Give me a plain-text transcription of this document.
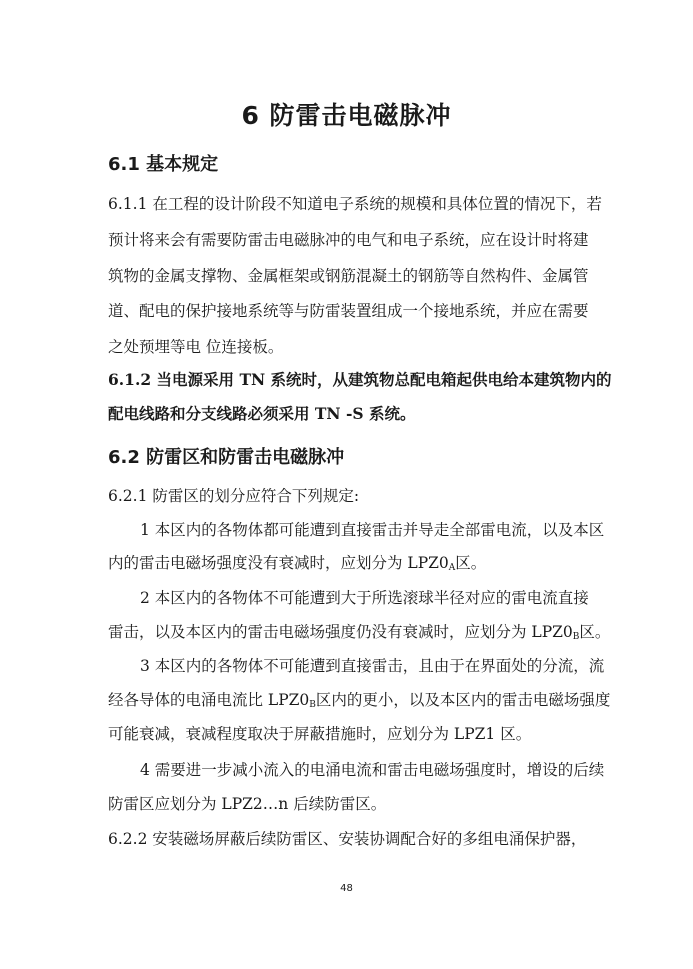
6 防雷击电磁脉冲
6.1 基本规定
6.1.1 在工程的设计阶段不知道电子系统的规模和具体位置的情况下，若
预计将来会有需要防雷击电磁脉冲的电气和电子系统，应在设计时将建
筑物的金属支撑物、金属框架或钢筋混凝土的钢筋等自然构件、金属管
道、配电的保护接地系统等与防雷装置组成一个接地系统，并应在需要
之处预埋等电 位连接板。
6.1.2 当电源采用 TN 系统时，从建筑物总配电箱起供电给本建筑物内的
配电线路和分支线路必须采用 TN -S 系统。
6.2 防雷区和防雷击电磁脉冲
6.2.1 防雷区的划分应符合下列规定:
1 本区内的各物体都可能遭到直接雷击并导走全部雷电流，以及本区
内的雷击电磁场强度没有衰减时，应划分为 $LPZ0_A$区。
2 本区内的各物体不可能遭到大于所选滚球半径对应的雷电流直接
雷击，以及本区内的雷击电磁场强度仍没有衰减时，应划分为 $LPZ0_B$区。
3 本区内的各物体不可能遭到直接雷击，且由于在界面处的分流，流
经各导体的电涌电流比 $LPZ0_B$区内的更小，以及本区内的雷击电磁场强度
可能衰减，衰减程度取决于屏蔽措施时，应划分为 LPZ1 区。
4 需要进一步减小流入的电涌电流和雷击电磁场强度时，增设的后续
防雷区应划分为 LPZ2…n 后续防雷区。
6.2.2 安装磁场屏蔽后续防雷区、安装协调配合好的多组电涌保护器，
48
